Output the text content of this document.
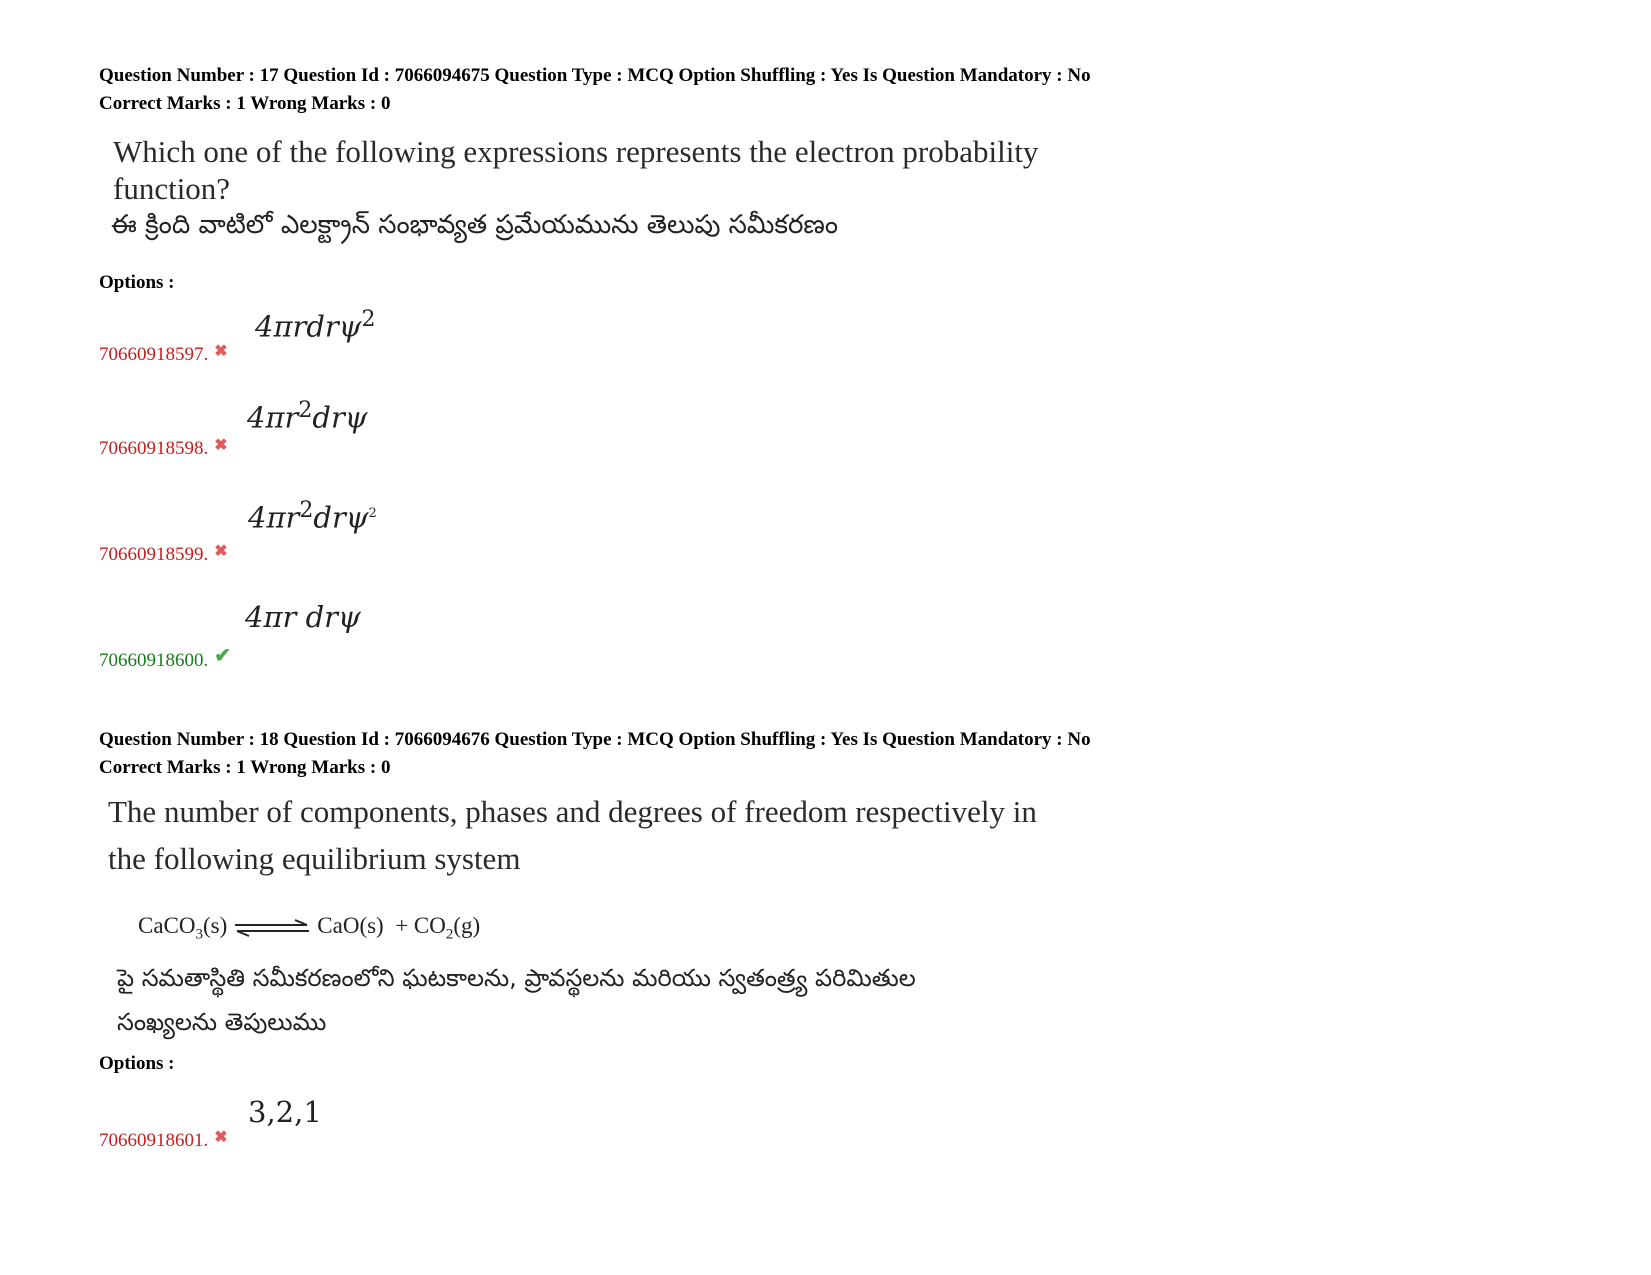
Question Number : 17 Question Id : 7066094675 Question Type : MCQ Option Shuffling : Yes Is Question Mandatory : No
Correct Marks : 1 Wrong Marks : 0
Which one of the following expressions represents the electron probability
function?
ఈ క్రింది వాటిలో ఎలక్ట్రాన్ సంభావ్యత ప్రమేయమును తెలుపు సమీకరణం
Options :
4πrdrψ$^2$
70660918597. ✖
$4\pi r^2dr\psi$
70660918598. ✖
$4\pi r^2dr\psi^2$
70660918599. ✖
4πr drψ
70660918600. ✔
Question Number : 18 Question Id : 7066094676 Question Type : MCQ Option Shuffling : Yes Is Question Mandatory : No
Correct Marks : 1 Wrong Marks : 0
The number of components, phases and degrees of freedom respectively in
the following equilibrium system
CaCO$_3$(s) ⇌ $CaO(s) + CO_2(g)$
పై సమతాస్థితి సమీకరణంలోని ఘటకాలను, ప్రావస్థలను మరియు స్వతంత్ర్య పరిమితుల
సంఖ్యలను తెపులుము
Options :
3,2,1
70660918601. ✖
